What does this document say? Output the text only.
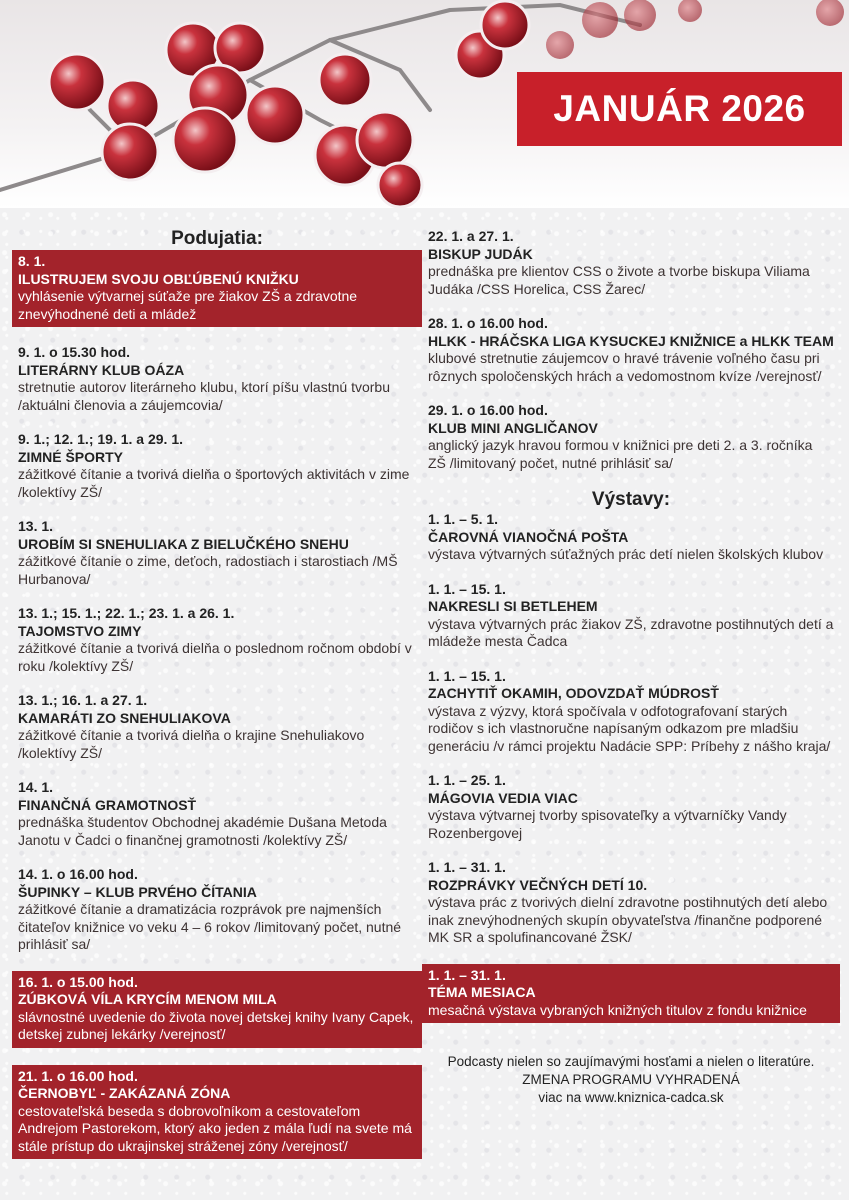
JANUÁR 2026
Podujatia:
8. 1.
ILUSTRUJEM SVOJU OBĽÚBENÚ KNIŽKU
vyhlásenie výtvarnej súťaže pre žiakov ZŠ a zdravotne znevýhodnené deti a mládež
9. 1. o 15.30 hod.
LITERÁRNY KLUB OÁZA
stretnutie autorov literárneho klubu, ktorí píšu vlastnú tvorbu /aktuálni členovia a záujemcovia/
9. 1.; 12. 1.; 19. 1. a 29. 1.
ZIMNÉ ŠPORTY
zážitkové čítanie a tvorivá dielňa o športových aktivitách v zime /kolektívy ZŠ/
13. 1.
UROBÍM SI SNEHULIAKA Z BIELUČKÉHO SNEHU
zážitkové čítanie o zime, deťoch, radostiach i starostiach /MŠ Hurbanova/
13. 1.; 15. 1.; 22. 1.; 23. 1. a 26. 1.
TAJOMSTVO ZIMY
zážitkové čítanie a tvorivá dielňa o poslednom ročnom období v roku /kolektívy ZŠ/
13. 1.; 16. 1. a 27. 1.
KAMARÁTI ZO SNEHULIAKOVA
zážitkové čítanie a tvorivá dielňa o krajine Snehuliakovo /kolektívy ZŠ/
14. 1.
FINANČNÁ GRAMOTNOSŤ
prednáška študentov Obchodnej akadémie Dušana Metoda Janotu v Čadci o finančnej gramotnosti /kolektívy ZŠ/
14. 1. o 16.00 hod.
ŠUPINKY – KLUB PRVÉHO ČÍTANIA
zážitkové čítanie a dramatizácia rozprávok pre najmenších čitateľov knižnice vo veku 4 – 6 rokov /limitovaný počet, nutné prihlásiť sa/
16. 1. o 15.00 hod.
ZÚBKOVÁ VÍLA KRYCÍM MENOM MILA
slávnostné uvedenie do života novej detskej knihy Ivany Capek, detskej zubnej lekárky /verejnosť/
21. 1. o 16.00 hod.
ČERNOBYĽ - ZAKÁZANÁ ZÓNA
cestovateľská beseda s dobrovoľníkom a cestovateľom Andrejom Pastorekom, ktorý ako jeden z mála ľudí na svete má stále prístup do ukrajinskej stráženej zóny /verejnosť/
22. 1. a 27. 1.
BISKUP JUDÁK
prednáška pre klientov CSS o živote a tvorbe biskupa Viliama Judáka /CSS Horelica, CSS Žarec/
28. 1. o 16.00 hod.
HLKK - HRÁČSKA LIGA KYSUCKEJ KNIŽNICE a HLKK TEAM
klubové stretnutie záujemcov o hravé trávenie voľného času pri rôznych spoločenských hrách a vedomostnom kvíze /verejnosť/
29. 1. o 16.00 hod.
KLUB MINI ANGLIČANOV
anglický jazyk hravou formou v knižnici pre deti 2. a 3. ročníka ZŠ /limitovaný počet, nutné prihlásiť sa/
Výstavy:
1. 1. – 5. 1.
ČAROVNÁ VIANOČNÁ POŠTA
výstava výtvarných súťažných prác detí nielen školských klubov
1. 1. – 15. 1.
NAKRESLI SI BETLEHEM
výstava výtvarných prác žiakov ZŠ, zdravotne postihnutých detí a mládeže mesta Čadca
1. 1. – 15. 1.
ZACHYTIŤ OKAMIH, ODOVZDAŤ MÚDROSŤ
výstava z výzvy, ktorá spočívala v odfotografovaní starých rodičov s ich vlastnoručne napísaným odkazom pre mladšiu generáciu /v rámci projektu Nadácie SPP: Príbehy z nášho kraja/
1. 1. – 25. 1.
MÁGOVIA VEDIA VIAC
výstava výtvarnej tvorby spisovateľky a výtvarníčky Vandy Rozenbergovej
1. 1. – 31. 1.
ROZPRÁVKY VEČNÝCH DETÍ 10.
výstava prác z tvorivých dielní zdravotne postihnutých detí alebo inak znevýhodnených skupín obyvateľstva /finančne podporené MK SR a spolufinancované ŽSK/
1. 1. – 31. 1.
TÉMA MESIACA
mesačná výstava vybraných knižných titulov z fondu knižnice
Podcasty nielen so zaujímavými hosťami a nielen o literatúre.
ZMENA PROGRAMU VYHRADENÁ
viac na www.kniznica-cadca.sk
